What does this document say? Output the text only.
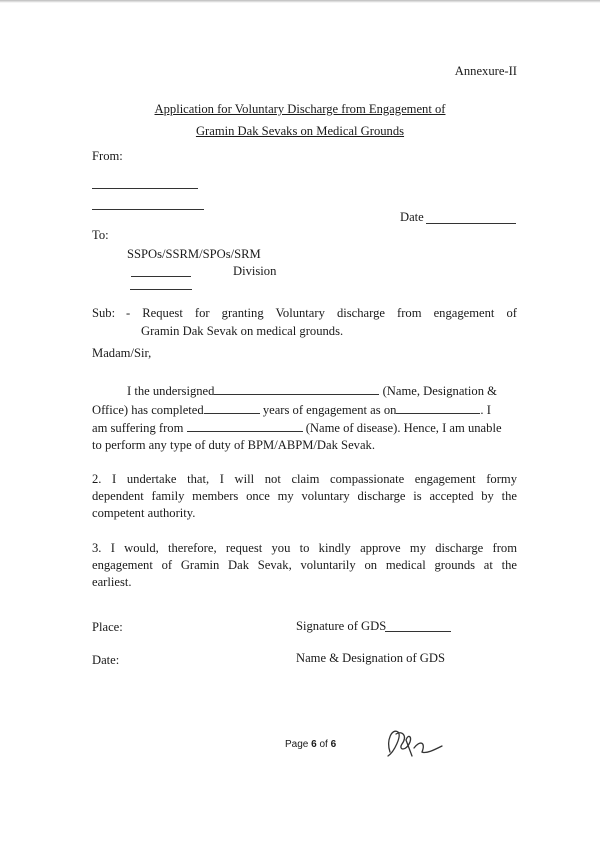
Annexure-II
Application for Voluntary Discharge from Engagement of
Gramin Dak Sevaks on Medical Grounds
From:
Date
To:
SSPOs/SSRM/SPOs/SRM
Division
Sub: - Request for granting Voluntary discharge from engagement of
Gramin Dak Sevak on medical grounds.
Madam/Sir,
I the undersigned	(Name, Designation &
Office) has completed	years of engagement as on	. I
am suffering from	(Name of disease). Hence, I am unable
to perform any type of duty of BPM/ABPM/Dak Sevak.
2. I undertake that, I will not claim compassionate engagement formy
dependent family members once my voluntary discharge is accepted by the
competent authority.
3. I would, therefore, request you to kindly approve my discharge from
engagement of Gramin Dak Sevak, voluntarily on medical grounds at the
earliest.
Place:	Signature of GDS
Date:	Name & Designation of GDS
Page 6 of 6
